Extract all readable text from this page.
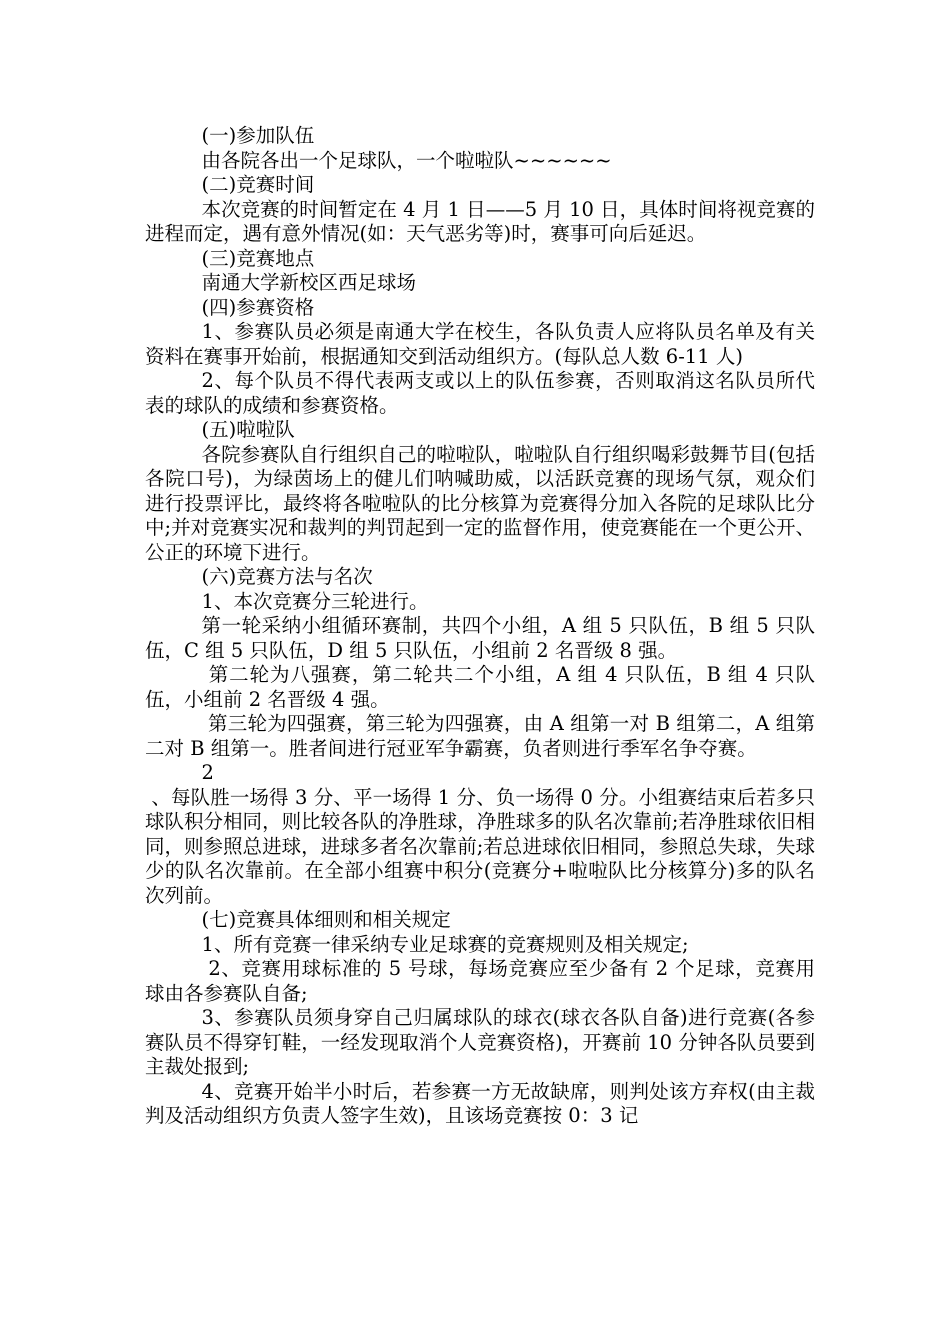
(一)参加队伍

由各院各出一个足球队，一个啦啦队~~~~~~

(二)竞赛时间

本次竞赛的时间暂定在 4 月 1 日——5 月 10 日，具体时间将视竞赛的进程而定，遇有意外情况(如：天气恶劣等)时，赛事可向后延迟。

(三)竞赛地点

南通大学新校区西足球场

(四)参赛资格

1、参赛队员必须是南通大学在校生，各队负责人应将队员名单及有关资料在赛事开始前，根据通知交到活动组织方。(每队总人数 6-11 人)

2、每个队员不得代表两支或以上的队伍参赛，否则取消这名队员所代表的球队的成绩和参赛资格。

(五)啦啦队

各院参赛队自行组织自己的啦啦队，啦啦队自行组织喝彩鼓舞节目(包括各院口号)，为绿茵场上的健儿们呐喊助威，以活跃竞赛的现场气氛，观众们进行投票评比，最终将各啦啦队的比分核算为竞赛得分加入各院的足球队比分中;并对竞赛实况和裁判的判罚起到一定的监督作用，使竞赛能在一个更公开、公正的环境下进行。

(六)竞赛方法与名次

1、本次竞赛分三轮进行。

第一轮采纳小组循环赛制，共四个小组，A 组 5 只队伍，B 组 5 只队伍，C 组 5 只队伍，D 组 5 只队伍，小组前 2 名晋级 8 强。

第二轮为八强赛，第二轮共二个小组，A 组 4 只队伍，B 组 4 只队伍，小组前 2 名晋级 4 强。

第三轮为四强赛，第三轮为四强赛，由 A 组第一对 B 组第二，A 组第二对 B 组第一。胜者间进行冠亚军争霸赛，负者则进行季军名争夺赛。

2

、每队胜一场得 3 分、平一场得 1 分、负一场得 0 分。小组赛结束后若多只球队积分相同，则比较各队的净胜球，净胜球多的队名次靠前;若净胜球依旧相同，则参照总进球，进球多者名次靠前;若总进球依旧相同，参照总失球，失球少的队名次靠前。在全部小组赛中积分(竞赛分+啦啦队比分核算分)多的队名次列前。

(七)竞赛具体细则和相关规定

1、所有竞赛一律采纳专业足球赛的竞赛规则及相关规定;

2、竞赛用球标准的 5 号球，每场竞赛应至少备有 2 个足球，竞赛用球由各参赛队自备;

3、参赛队员须身穿自己归属球队的球衣(球衣各队自备)进行竞赛(各参赛队员不得穿钉鞋，一经发现取消个人竞赛资格)，开赛前 10 分钟各队员要到主裁处报到;

4、竞赛开始半小时后，若参赛一方无故缺席，则判处该方弃权(由主裁判及活动组织方负责人签字生效)，且该场竞赛按 0：3 记
